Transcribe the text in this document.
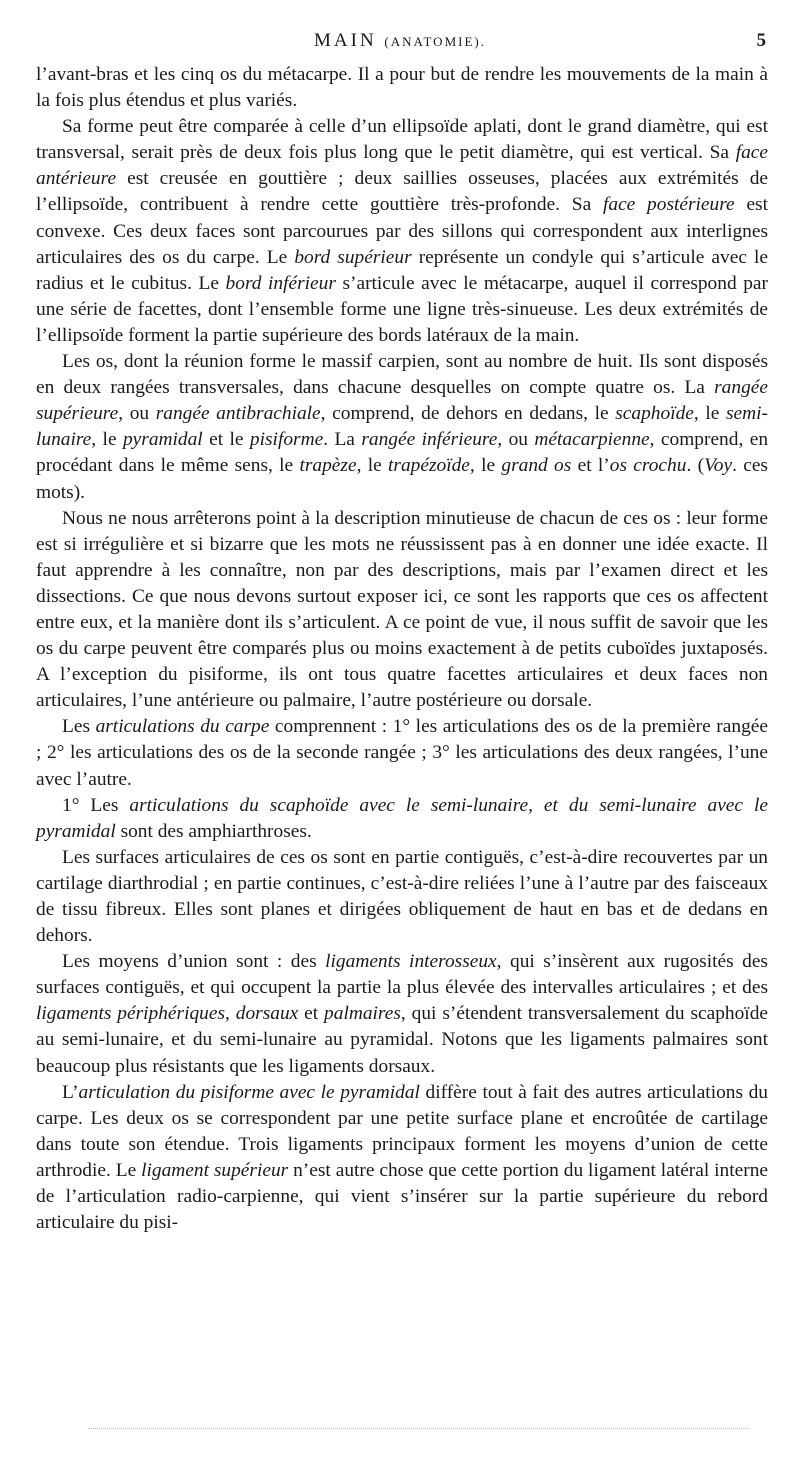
MAIN (ANATOMIE).	5

l’avant-bras et les cinq os du métacarpe. Il a pour but de rendre les mouvements de la main à la fois plus étendus et plus variés.

Sa forme peut être comparée à celle d’un ellipsoïde aplati, dont le grand diamètre, qui est transversal, serait près de deux fois plus long que le petit diamètre, qui est vertical. Sa face antérieure est creusée en gouttière ; deux saillies osseuses, placées aux extrémités de l’ellipsoïde, contribuent à rendre cette gouttière très-profonde. Sa face postérieure est convexe. Ces deux faces sont parcourues par des sillons qui correspondent aux interlignes articulaires des os du carpe. Le bord supérieur représente un condyle qui s’articule avec le radius et le cubitus. Le bord inférieur s’articule avec le métacarpe, auquel il correspond par une série de facettes, dont l’ensemble forme une ligne très-sinueuse. Les deux extrémités de l’ellipsoïde forment la partie supérieure des bords latéraux de la main.

Les os, dont la réunion forme le massif carpien, sont au nombre de huit. Ils sont disposés en deux rangées transversales, dans chacune desquelles on compte quatre os. La rangée supérieure, ou rangée antibrachiale, comprend, de dehors en dedans, le scaphoïde, le semi-lunaire, le pyramidal et le pisiforme. La rangée inférieure, ou métacarpienne, comprend, en procédant dans le même sens, le trapèze, le trapézoïde, le grand os et l’os crochu. (Voy. ces mots).

Nous ne nous arrêterons point à la description minutieuse de chacun de ces os : leur forme est si irrégulière et si bizarre que les mots ne réussissent pas à en donner une idée exacte. Il faut apprendre à les connaître, non par des descriptions, mais par l’examen direct et les dissections. Ce que nous devons surtout exposer ici, ce sont les rapports que ces os affectent entre eux, et la manière dont ils s’articulent. A ce point de vue, il nous suffit de savoir que les os du carpe peuvent être comparés plus ou moins exactement à de petits cuboïdes juxtaposés. A l’exception du pisiforme, ils ont tous quatre facettes articulaires et deux faces non articulaires, l’une antérieure ou palmaire, l’autre postérieure ou dorsale.

Les articulations du carpe comprennent : 1° les articulations des os de la première rangée ; 2° les articulations des os de la seconde rangée ; 3° les articulations des deux rangées, l’une avec l’autre.

1° Les articulations du scaphoïde avec le semi-lunaire, et du semi-lunaire avec le pyramidal sont des amphiarthroses.

Les surfaces articulaires de ces os sont en partie contiguës, c’est-à-dire recouvertes par un cartilage diarthrodial ; en partie continues, c’est-à-dire reliées l’une à l’autre par des faisceaux de tissu fibreux. Elles sont planes et dirigées obliquement de haut en bas et de dedans en dehors.

Les moyens d’union sont : des ligaments interosseux, qui s’insèrent aux rugosités des surfaces contiguës, et qui occupent la partie la plus élevée des intervalles articulaires ; et des ligaments périphériques, dorsaux et palmaires, qui s’étendent transversalement du scaphoïde au semi-lunaire, et du semi-lunaire au pyramidal. Notons que les ligaments palmaires sont beaucoup plus résistants que les ligaments dorsaux.

L’articulation du pisiforme avec le pyramidal diffère tout à fait des autres articulations du carpe. Les deux os se correspondent par une petite surface plane et encroûtée de cartilage dans toute son étendue. Trois ligaments principaux forment les moyens d’union de cette arthrodie. Le ligament supérieur n’est autre chose que cette portion du ligament latéral interne de l’articulation radio-carpienne, qui vient s’insérer sur la partie supérieure du rebord articulaire du pisi-
